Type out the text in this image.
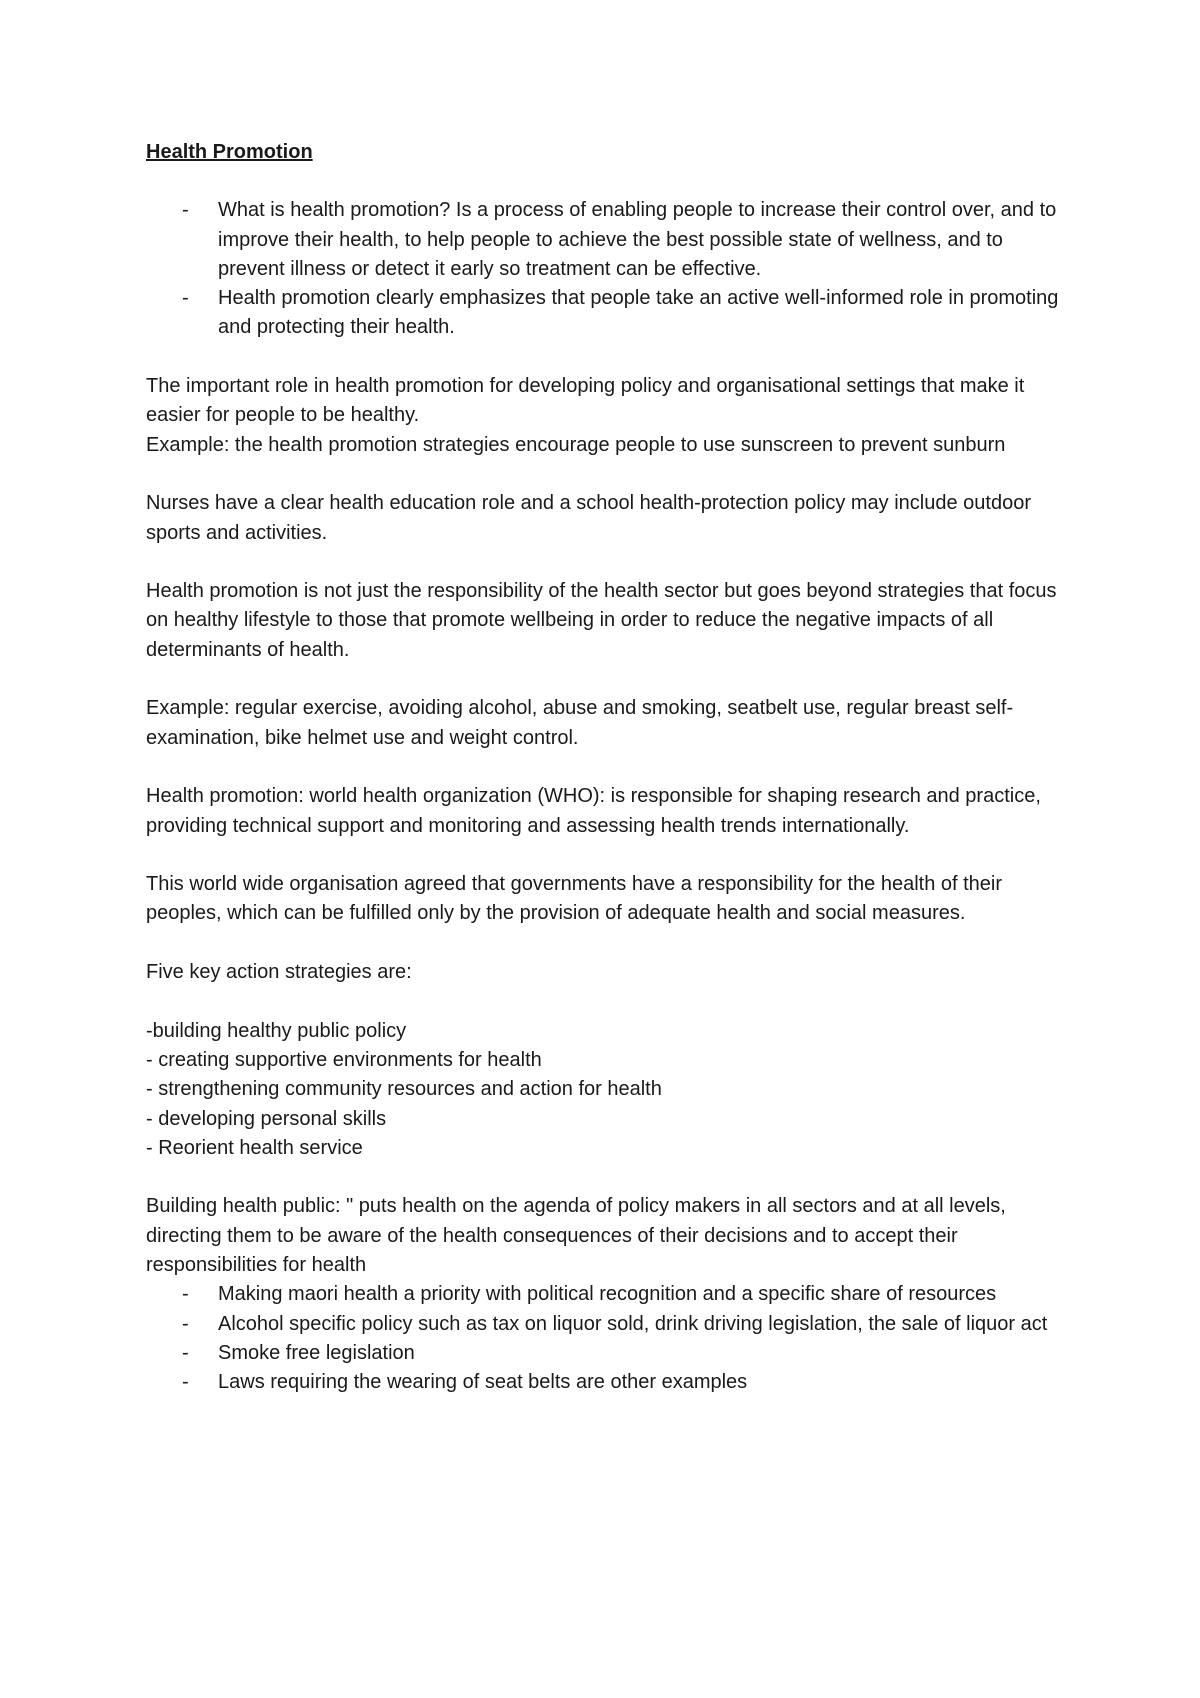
Health Promotion
- What is health promotion? Is a process of enabling people to increase their control over, and to improve their health, to help people to achieve the best possible state of wellness, and to prevent illness or detect it early so treatment can be effective.
- Health promotion clearly emphasizes that people take an active well-informed role in promoting and protecting their health.

The important role in health promotion for developing policy and organisational settings that make it easier for people to be healthy.

Example: the health promotion strategies encourage people to use sunscreen to prevent sunburn

Nurses have a clear health education role and a school health-protection policy may include outdoor sports and activities.

Health promotion is not just the responsibility of the health sector but goes beyond strategies that focus on healthy lifestyle to those that promote wellbeing in order to reduce the negative impacts of all determinants of health.

Example: regular exercise, avoiding alcohol, abuse and smoking, seatbelt use, regular breast self-examination, bike helmet use and weight control.

Health promotion: world health organization (WHO): is responsible for shaping research and practice, providing technical support and monitoring and assessing health trends internationally.

This world wide organisation agreed that governments have a responsibility for the health of their peoples, which can be fulfilled only by the provision of adequate health and social measures.

Five key action strategies are:

-building healthy public policy

- creating supportive environments for health

- strengthening community resources and action for health

- developing personal skills

- Reorient health service

Building health public: " puts health on the agenda of policy makers in all sectors and at all levels, directing them to be aware of the health consequences of their decisions and to accept their responsibilities for health

- Making maori health a priority with political recognition and a specific share of resources
- Alcohol specific policy such as tax on liquor sold, drink driving legislation, the sale of liquor act
- Smoke free legislation
- Laws requiring the wearing of seat belts are other examples
